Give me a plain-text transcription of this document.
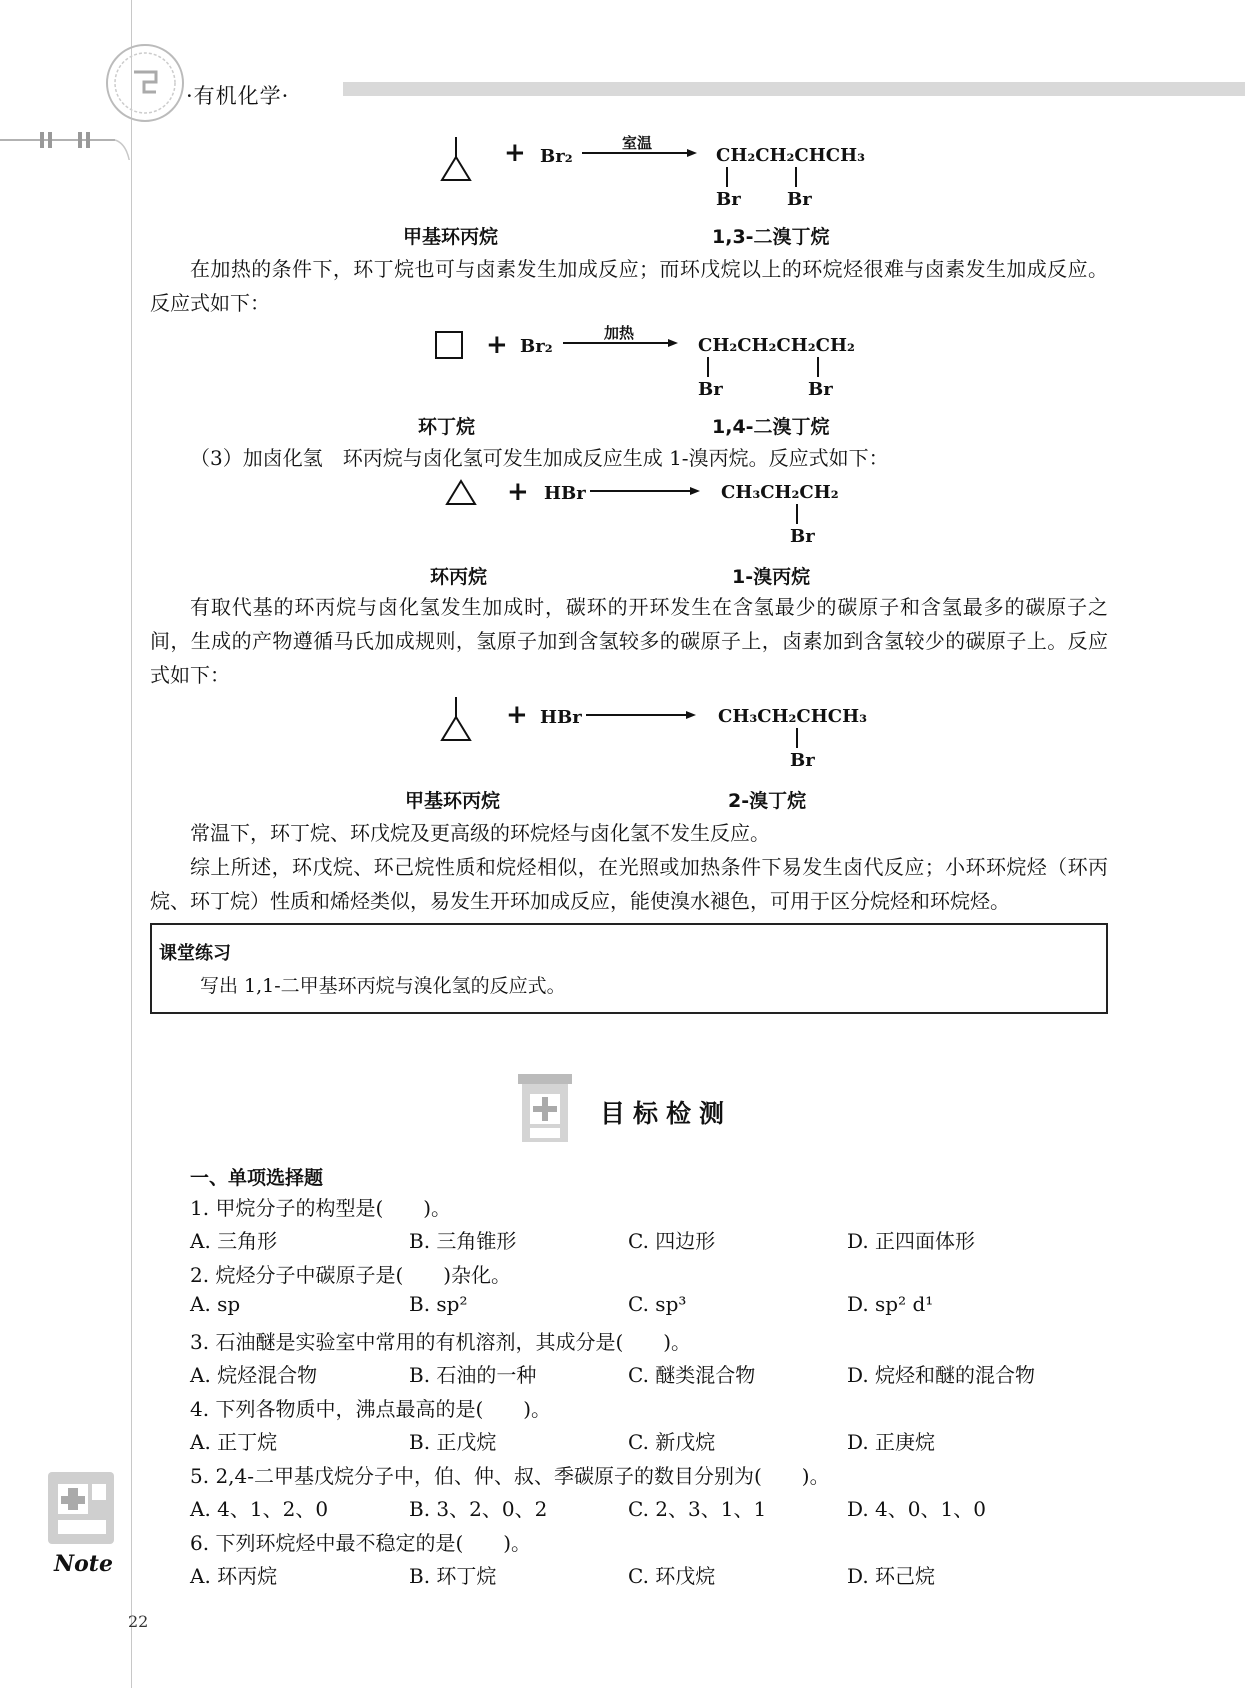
·有机化学·
+ Br₂
室温
CH₂CH₂CHCH₃
Br	Br
甲基环丙烷	1,3-二溴丁烷
在加热的条件下，环丁烷也可与卤素发生加成反应；而环戊烷以上的环烷烃很难与卤素发生加成反应。反应式如下：
+ Br₂
加热
CH₂CH₂CH₂CH₂
Br	Br
环丁烷	1,4-二溴丁烷
（3）加卤化氢　环丙烷与卤化氢可发生加成反应生成 1-溴丙烷。反应式如下：
+ HBr	CH₃CH₂CH₂
Br
环丙烷	1-溴丙烷
有取代基的环丙烷与卤化氢发生加成时，碳环的开环发生在含氢最少的碳原子和含氢最多的碳原子之间，生成的产物遵循马氏加成规则，氢原子加到含氢较多的碳原子上，卤素加到含氢较少的碳原子上。反应式如下：
+ HBr	CH₃CH₂CHCH₃
Br
甲基环丙烷	2-溴丁烷
常温下，环丁烷、环戊烷及更高级的环烷烃与卤化氢不发生反应。
综上所述，环戊烷、环己烷性质和烷烃相似，在光照或加热条件下易发生卤代反应；小环环烷烃（环丙烷、环丁烷）性质和烯烃类似，易发生开环加成反应，能使溴水褪色，可用于区分烷烃和环烷烃。
课堂练习
写出 1,1-二甲基环丙烷与溴化氢的反应式。
目标检测
一、单项选择题
1. 甲烷分子的构型是(　　)。
A. 三角形	B. 三角锥形	C. 四边形	D. 正四面体形
2. 烷烃分子中碳原子是(　　)杂化。
A. sp	B. sp²	C. sp³	D. sp² d¹
3. 石油醚是实验室中常用的有机溶剂，其成分是(　　)。
A. 烷烃混合物	B. 石油的一种	C. 醚类混合物	D. 烷烃和醚的混合物
4. 下列各物质中，沸点最高的是(　　)。
A. 正丁烷	B. 正戊烷	C. 新戊烷	D. 正庚烷
5. 2,4-二甲基戊烷分子中，伯、仲、叔、季碳原子的数目分别为(　　)。
A. 4、1、2、0	B. 3、2、0、2	C. 2、3、1、1	D. 4、0、1、0
6. 下列环烷烃中最不稳定的是(　　)。
A. 环丙烷	B. 环丁烷	C. 环戊烷	D. 环己烷
Note
22
